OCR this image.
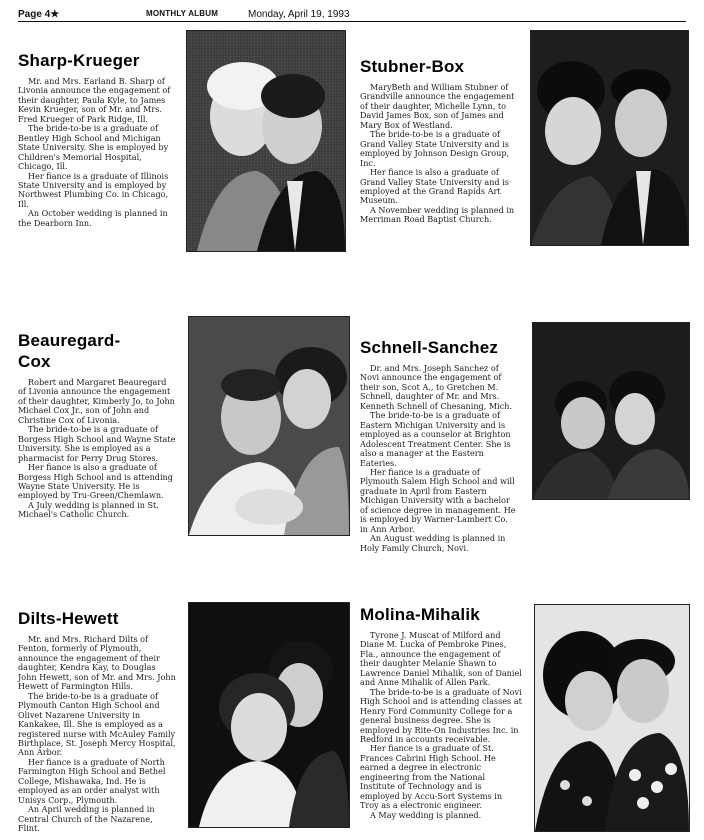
Page 4★	MONTHLY ALBUM	Monday, April 19, 1993
Sharp-Krueger

Mr. and Mrs. Earland B. Sharp of Livonia announce the engagement of their daughter, Paula Kyle, to James Kevin Krueger, son of Mr. and Mrs. Fred Krueger of Park Ridge, Ill.

The bride-to-be is a graduate of Bentley High School and Michigan State University. She is employed by Children's Memorial Hospital, Chicago, Ill.

Her fiance is a graduate of Illinois State University and is employed by Northwest Plumbing Co. in Chicago, Ill.

An October wedding is planned in the Dearborn Inn.

Stubner-Box

MaryBeth and William Stubner of Grandville announce the engagement of their daughter, Michelle Lynn, to David James Box, son of James and Mary Box of Westland.

The bride-to-be is a graduate of Grand Valley State University and is employed by Johnson Design Group, Inc.

Her fiance is also a graduate of Grand Valley State University and is employed at the Grand Rapids Art Museum.

A November wedding is planned in Merriman Road Baptist Church.

Beauregard-
Cox

Robert and Margaret Beauregard of Livonia announce the engagement of their daughter, Kimberly Jo, to John Michael Cox Jr., son of John and Christine Cox of Livonia.

The bride-to-be is a graduate of Borgess High School and Wayne State University. She is employed as a pharmacist for Perry Drug Stores.

Her fiance is also a graduate of Borgess High School and is attending Wayne State University. He is employed by Tru-Green/Chemlawn.

A July wedding is planned in St. Michael's Catholic Church.

Schnell-Sanchez

Dr. and Mrs. Joseph Sanchez of Novi announce the engagement of their son, Scot A., to Gretchen M. Schnell, daughter of Mr. and Mrs. Kenneth Schnell of Chesaning, Mich.

The bride-to-be is a graduate of Eastern Michigan University and is employed as a counselor at Brighton Adolescent Treatment Center. She is also a manager at the Eastern Eateries.

Her fiance is a graduate of Plymouth Salem High School and will graduate in April from Eastern Michigan University with a bachelor of science degree in management. He is employed by Warner-Lambert Co. in Ann Arbor.

An August wedding is planned in Holy Family Church, Novi.

Dilts-Hewett

Mr. and Mrs. Richard Dilts of Fenton, formerly of Plymouth, announce the engagement of their daughter, Kendra Kay, to Douglas John Hewett, son of Mr. and Mrs. John Hewett of Farmington Hills.

The bride-to-be is a graduate of Plymouth Canton High School and Olivet Nazarene University in Kankakee, Ill. She is employed as a registered nurse with McAuley Family Birthplace, St. Joseph Mercy Hospital, Ann Arbor.

Her fiance is a graduate of North Farmington High School and Bethel College, Mishawaka, Ind. He is employed as an order analyst with Unisys Corp., Plymouth.

An April wedding is planned in Central Church of the Nazarene, Flint.

Molina-Mihalik

Tyrone J. Muscat of Milford and Diane M. Lucka of Pembroke Pines, Fla., announce the engagement of their daughter Melanie Shawn to Lawrence Daniel Mihalik, son of Daniel and Anne Mihalik of Allen Park.

The bride-to-be is a graduate of Novi High School and is attending classes at Henry Ford Community College for a general business degree. She is employed by Rite-On Industries Inc. in Redford in accounts receivable.

Her fiance is a graduate of St. Frances Cabrini High School. He earned a degree in electronic engineering from the National Institute of Technology and is employed by Accu-Sort Systems in Troy as a electronic engineer.

A May wedding is planned.
